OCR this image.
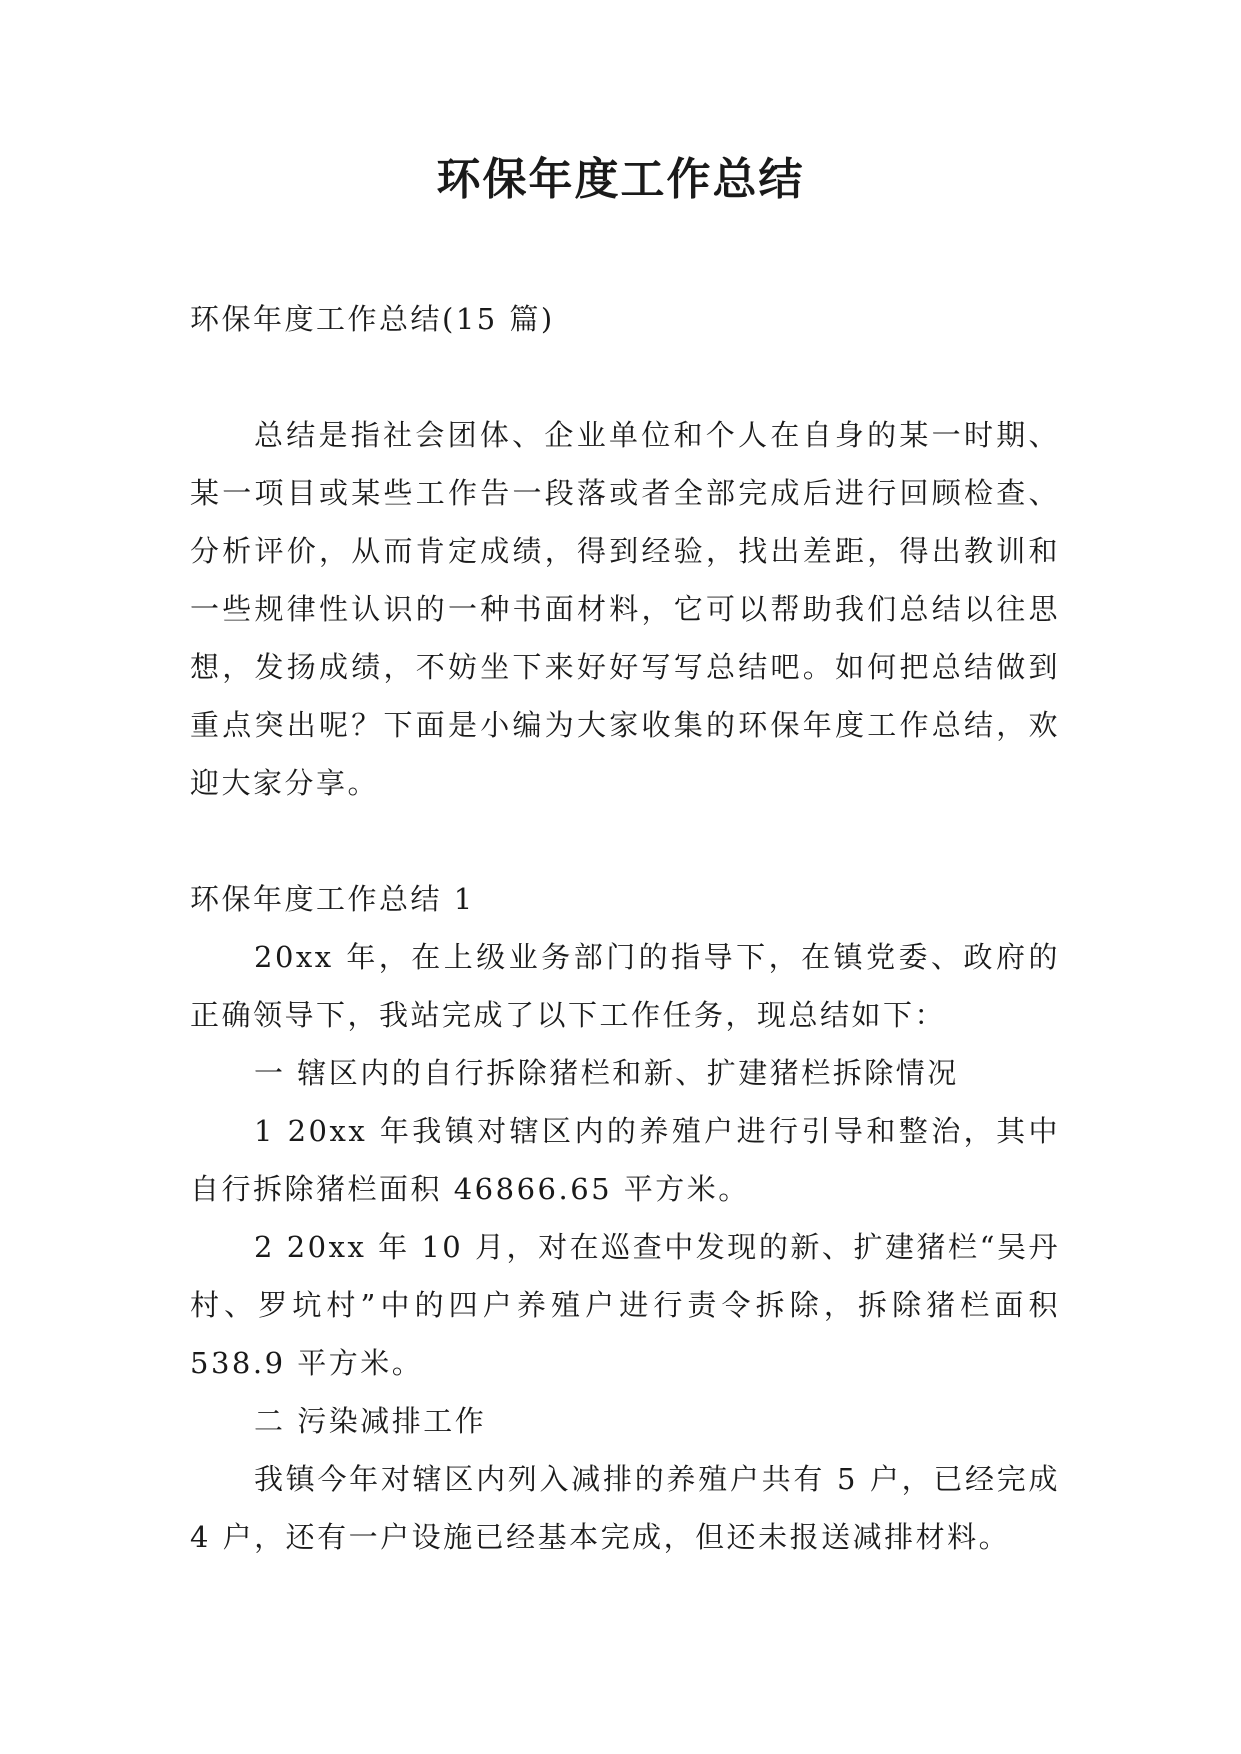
环保年度工作总结

环保年度工作总结(15 篇)

总结是指社会团体、企业单位和个人在自身的某一时期、某一项目或某些工作告一段落或者全部完成后进行回顾检查、分析评价，从而肯定成绩，得到经验，找出差距，得出教训和一些规律性认识的一种书面材料，它可以帮助我们总结以往思想，发扬成绩，不妨坐下来好好写写总结吧。如何把总结做到重点突出呢？下面是小编为大家收集的环保年度工作总结，欢迎大家分享。

环保年度工作总结 1

20xx 年，在上级业务部门的指导下，在镇党委、政府的正确领导下，我站完成了以下工作任务，现总结如下：

一 辖区内的自行拆除猪栏和新、扩建猪栏拆除情况

1 20xx 年我镇对辖区内的养殖户进行引导和整治，其中自行拆除猪栏面积 46866.65 平方米。

2 20xx 年 10 月，对在巡查中发现的新、扩建猪栏“吴丹村、罗坑村”中的四户养殖户进行责令拆除，拆除猪栏面积 538.9 平方米。

二 污染减排工作

我镇今年对辖区内列入减排的养殖户共有 5 户，已经完成 4 户，还有一户设施已经基本完成，但还未报送减排材料。
